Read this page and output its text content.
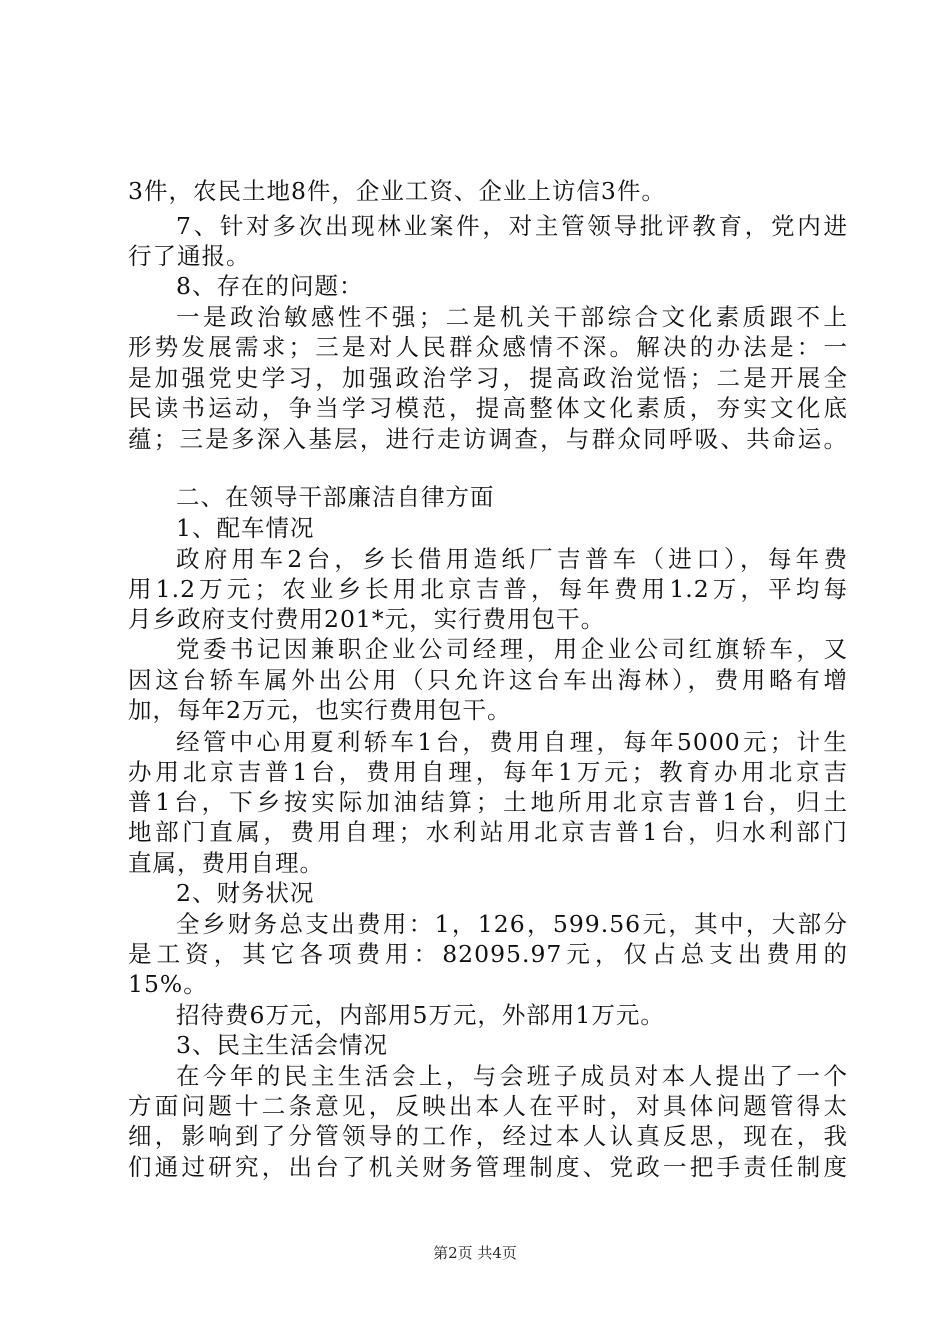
3件，农民土地8件，企业工资、企业上访信3件。
7、针对多次出现林业案件，对主管领导批评教育，党内进
行了通报。
8、存在的问题：
一是政治敏感性不强；二是机关干部综合文化素质跟不上
形势发展需求；三是对人民群众感情不深。解决的办法是：一
是加强党史学习，加强政治学习，提高政治觉悟；二是开展全
民读书运动，争当学习模范，提高整体文化素质，夯实文化底
蕴；三是多深入基层，进行走访调查，与群众同呼吸、共命运。
二、在领导干部廉洁自律方面
1、配车情况
政府用车2台，乡长借用造纸厂吉普车（进口），每年费
用1.2万元；农业乡长用北京吉普，每年费用1.2万，平均每
月乡政府支付费用201*元，实行费用包干。
党委书记因兼职企业公司经理，用企业公司红旗轿车，又
因这台轿车属外出公用（只允许这台车出海林），费用略有增
加，每年2万元，也实行费用包干。
经管中心用夏利轿车1台，费用自理，每年5000元；计生
办用北京吉普1台，费用自理，每年1万元；教育办用北京吉
普1台，下乡按实际加油结算；土地所用北京吉普1台，归土
地部门直属，费用自理；水利站用北京吉普1台，归水利部门
直属，费用自理。
2、财务状况
全乡财务总支出费用：1，126，599.56元，其中，大部分
是工资，其它各项费用：82095.97元，仅占总支出费用的
15%。
招待费6万元，内部用5万元，外部用1万元。
3、民主生活会情况
在今年的民主生活会上，与会班子成员对本人提出了一个
方面问题十二条意见，反映出本人在平时，对具体问题管得太
细，影响到了分管领导的工作，经过本人认真反思，现在，我
们通过研究，出台了机关财务管理制度、党政一把手责任制度
第2页 共4页
